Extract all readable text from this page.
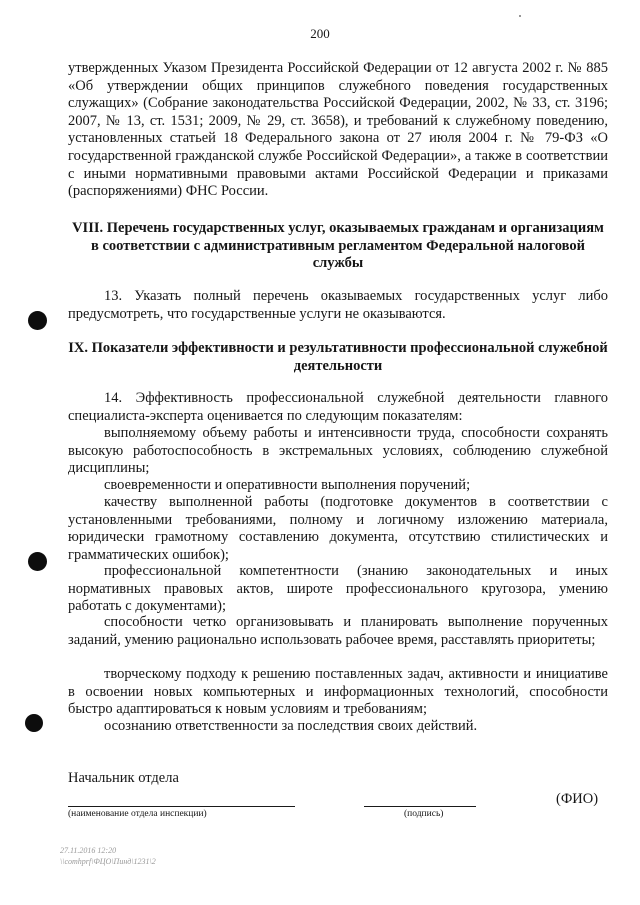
200

утвержденных Указом Президента Российской Федерации от 12 августа 2002 г. № 885 «Об утверждении общих принципов служебного поведения государственных служащих» (Собрание законодательства Российской Федерации, 2002, № 33, ст. 3196; 2007, № 13, ст. 1531; 2009, № 29, ст. 3658), и требований к служебному поведению, установленных статьей 18 Федерального закона от 27 июля 2004 г. № 79-ФЗ «О государственной гражданской службе Российской Федерации», а также в соответствии с иными нормативными правовыми актами Российской Федерации и приказами (распоряжениями) ФНС России.

VIII. Перечень государственных услуг, оказываемых гражданам и организациям в соответствии с административным регламентом Федеральной налоговой службы

13. Указать полный перечень оказываемых государственных услуг либо предусмотреть, что государственные услуги не оказываются.

IX. Показатели эффективности и результативности профессиональной служебной деятельности

14. Эффективность профессиональной служебной деятельности главного специалиста-эксперта оценивается по следующим показателям:

выполняемому объему работы и интенсивности труда, способности сохранять высокую работоспособность в экстремальных условиях, соблюдению служебной дисциплины;

своевременности и оперативности выполнения поручений;

качеству выполненной работы (подготовке документов в соответствии с установленными требованиями, полному и логичному изложению материала, юридически грамотному составлению документа, отсутствию стилистических и грамматических ошибок);

профессиональной компетентности (знанию законодательных и иных нормативных правовых актов, широте профессионального кругозора, умению работать с документами);

способности четко организовывать и планировать выполнение порученных заданий, умению рационально использовать рабочее время, расставлять приоритеты;

творческому подходу к решению поставленных задач, активности и инициативе в освоении новых компьютерных и информационных технологий, способности быстро адаптироваться к новым условиям и требованиям;

осознанию ответственности за последствия своих действий.

Начальник отдела
(наименование отдела инспекции)	(подпись)
(ФИО)
27.11.2016 12:20
\\comhprf\ФЦО\Пинд\1231\2
